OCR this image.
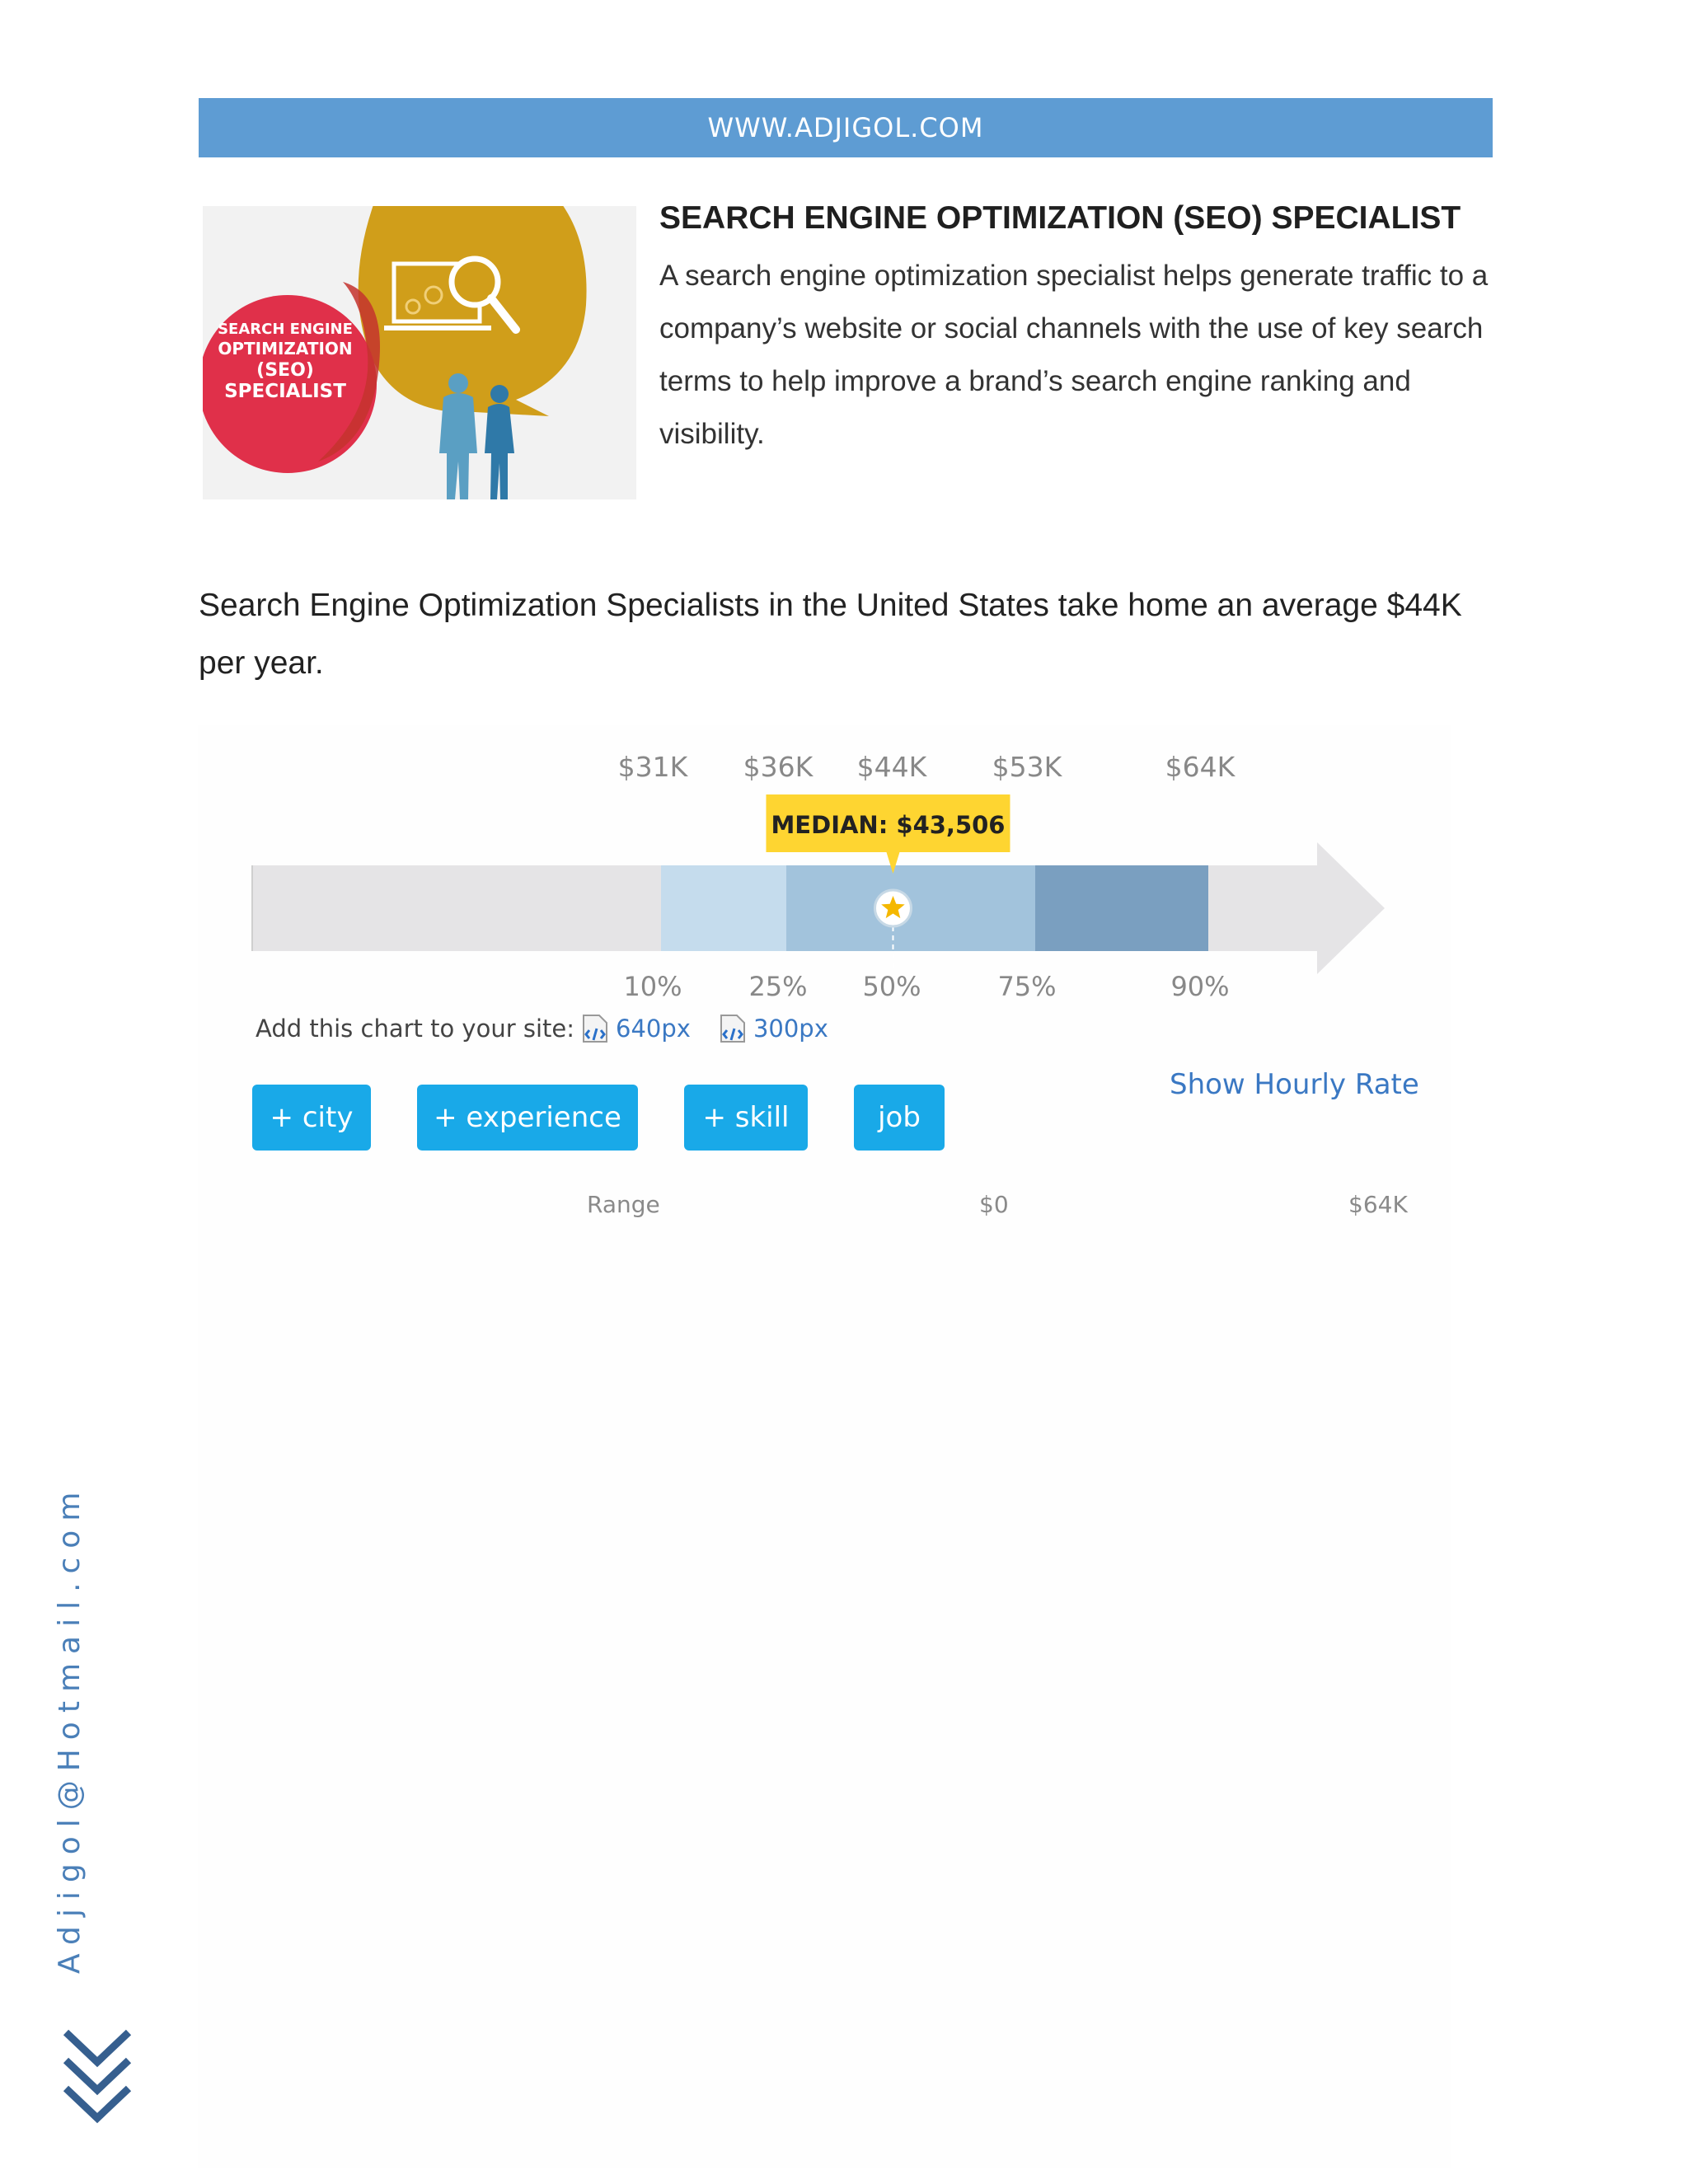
WWW.ADJIGOL.COM
SEARCH ENGINE
OPTIMIZATION
(SEO)
SPECIALIST
SEARCH ENGINE OPTIMIZATION (SEO) SPECIALIST
A search engine optimization specialist helps generate traffic to a company’s website or social channels with the use of key search terms to help improve a brand’s search engine ranking and visibility.
Search Engine Optimization Specialists in the United States take home an average $44K per year.
MEDIAN: $43,506
$31K
10%
$36K
25%
$44K
50%
$53K
75%
$64K
90%
Add this chart to your site: 640px	300px
+ city	+ experience	+ skill	job
Show Hourly Rate
Range	$0	$64K
Adjigol@Hotmail.com
